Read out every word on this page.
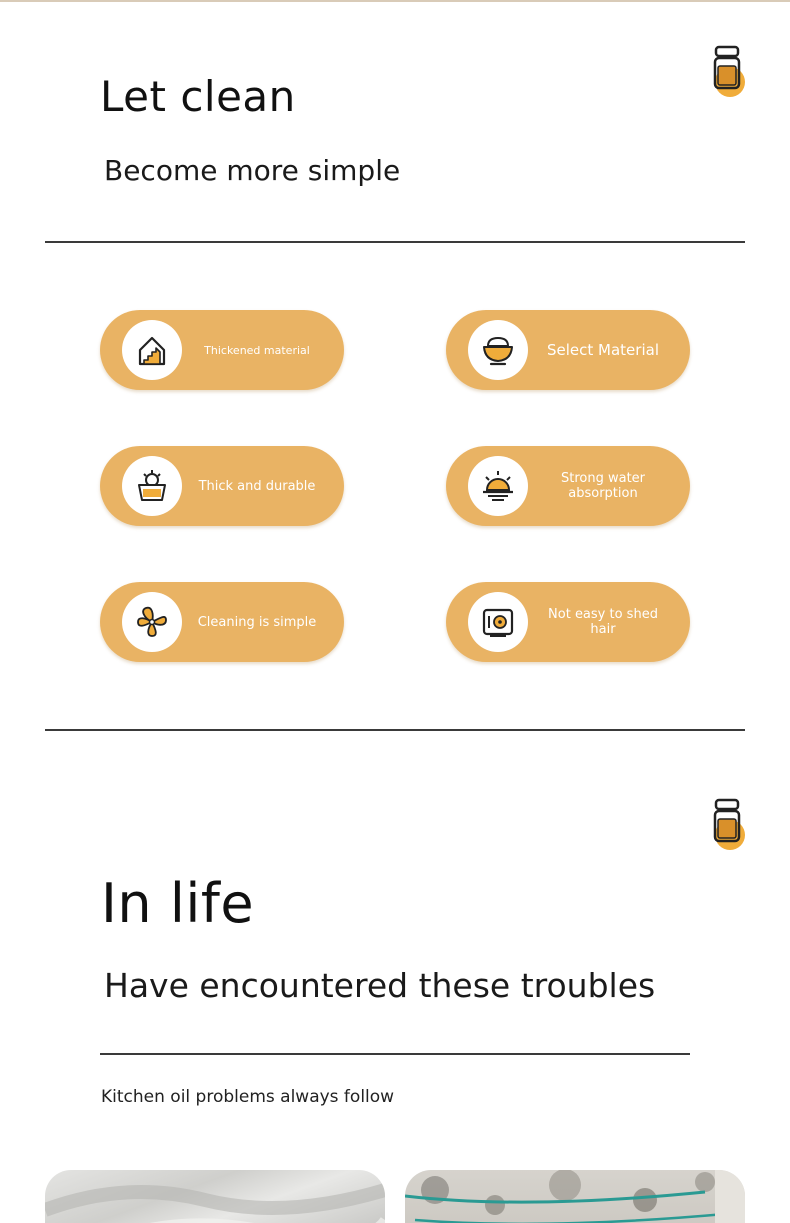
Let clean
Become more simple
Thickened material	Select Material
Thick and durable	Strong water absorption
Cleaning is simple	Not easy to shed hair
In life
Have encountered these troubles
Kitchen oil problems always follow
